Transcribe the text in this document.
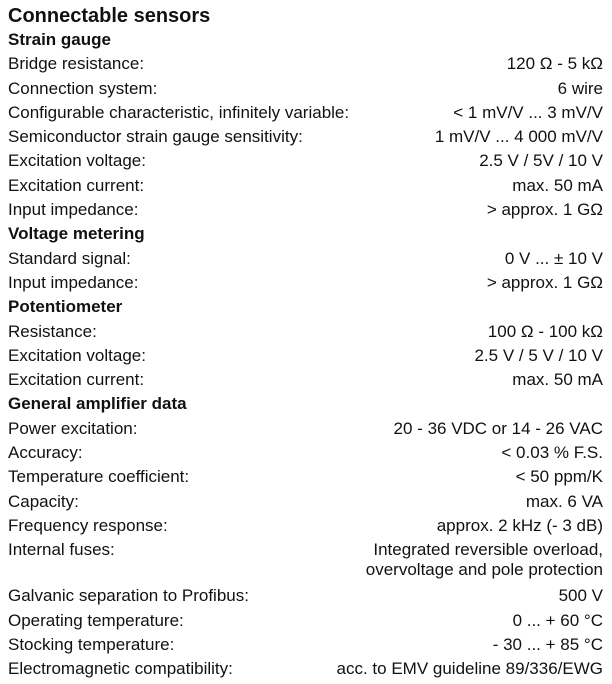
Connectable sensors
Strain gauge
Bridge resistance:	120 Ω - 5 kΩ
Connection system:	6 wire
Configurable characteristic, infinitely variable:	< 1 mV/V ... 3 mV/V
Semiconductor strain gauge sensitivity:	1 mV/V ... 4 000 mV/V
Excitation voltage:	2.5 V / 5V / 10 V
Excitation current:	max. 50 mA
Input impedance:	> approx. 1 GΩ
Voltage metering
Standard signal:	0 V ... ± 10 V
Input impedance:	> approx. 1 GΩ
Potentiometer
Resistance:	100 Ω - 100 kΩ
Excitation voltage:	2.5 V / 5 V / 10 V
Excitation current:	max. 50 mA
General amplifier data
Power excitation:	20 - 36 VDC or 14 - 26 VAC
Accuracy:	< 0.03 % F.S.
Temperature coefficient:	< 50 ppm/K
Capacity:	max. 6 VA
Frequency response:	approx. 2 kHz (- 3 dB)
Internal fuses:	Integrated reversible overload,
overvoltage and pole protection
Galvanic separation to Profibus:	500 V
Operating temperature:	0 ... + 60 °C
Stocking temperature:	- 30 ... + 85 °C
Electromagnetic compatibility:	acc. to EMV guideline 89/336/EWG
